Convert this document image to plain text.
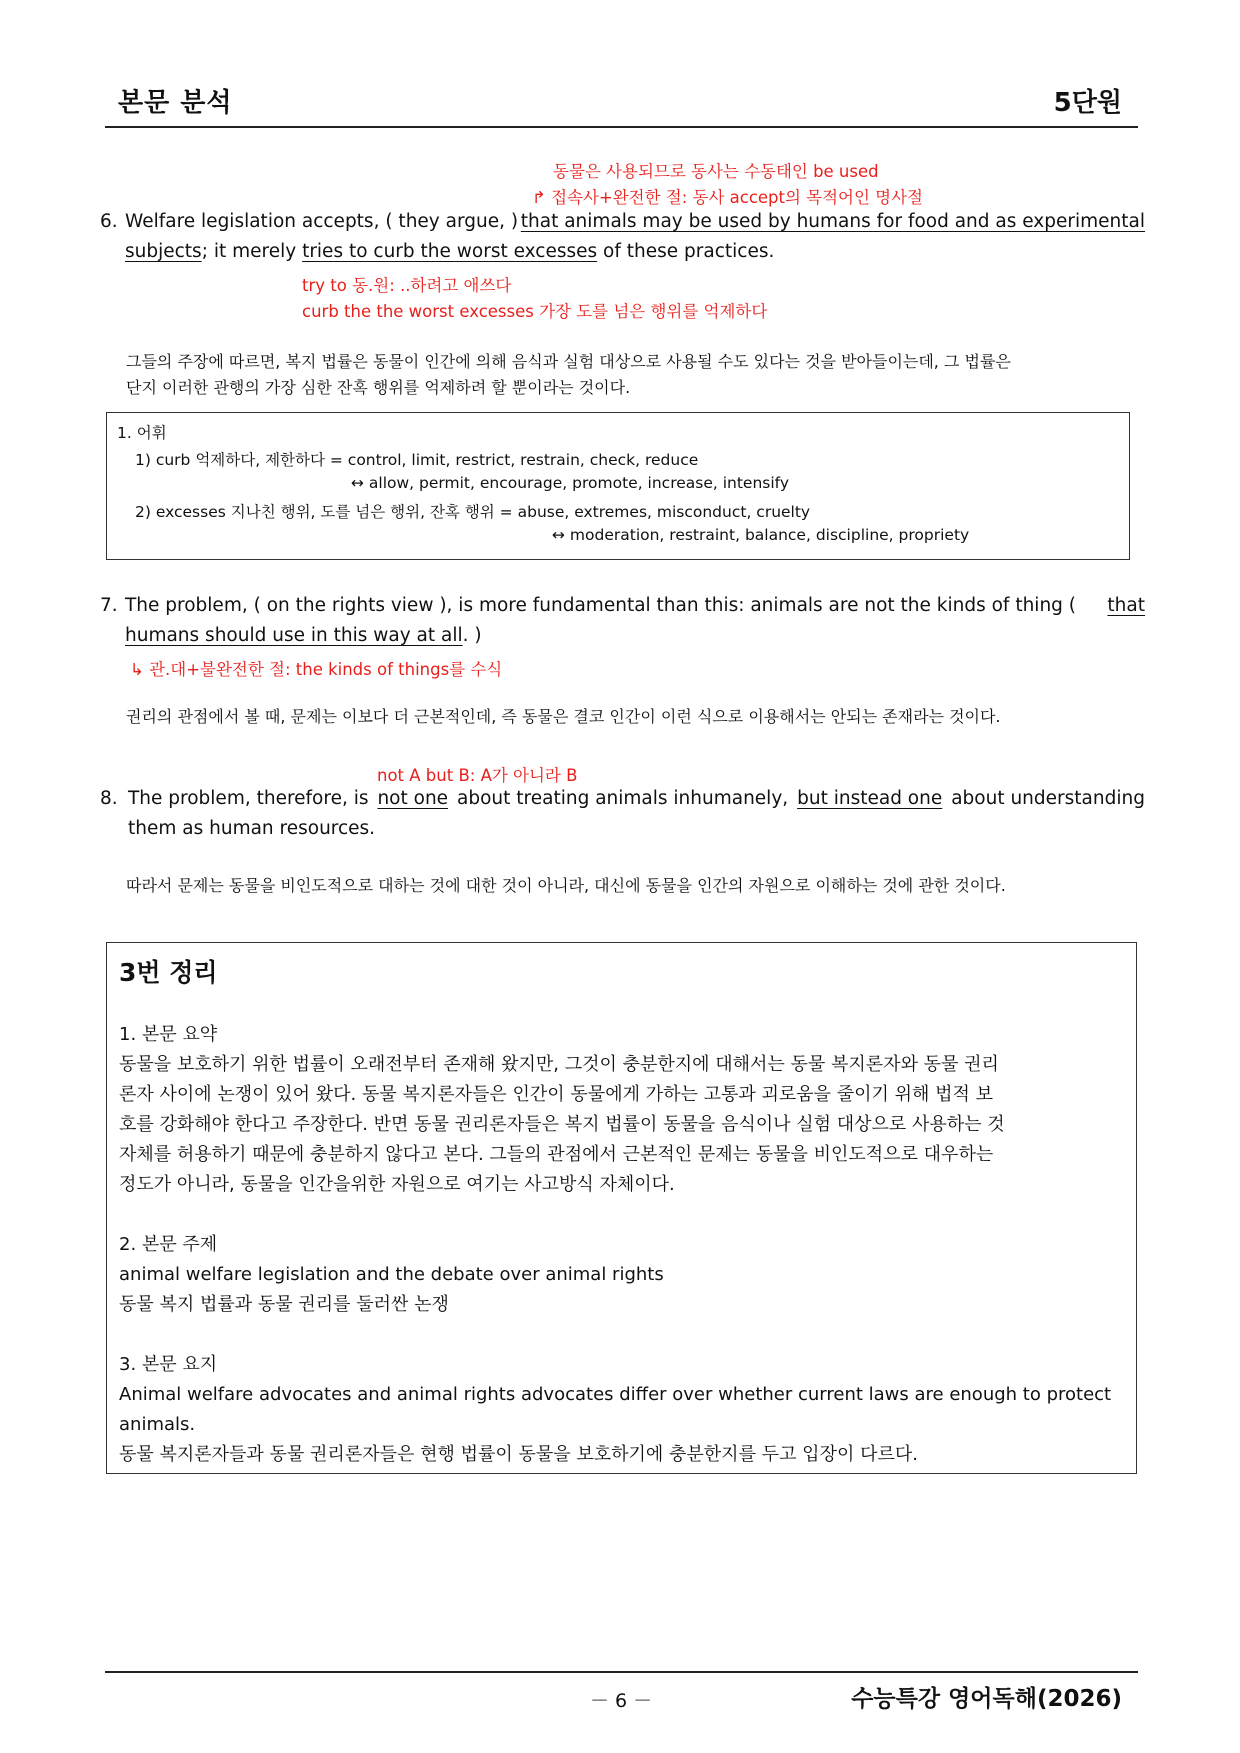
본문 분석	5단원
동물은 사용되므로 동사는 수동태인 be used
↱ 접속사+완전한 절: 동사 accept의 목적어인 명사절
6. Welfare legislation accepts, ( they argue, ) that animals may be used by humans for food and as experimental
subjects; it merely tries to curb the worst excesses of these practices.
try to 동.원: ..하려고 애쓰다
curb the the worst excesses 가장 도를 넘은 행위를 억제하다
그들의 주장에 따르면, 복지 법률은 동물이 인간에 의해 음식과 실험 대상으로 사용될 수도 있다는 것을 받아들이는데, 그 법률은
단지 이러한 관행의 가장 심한 잔혹 행위를 억제하려 할 뿐이라는 것이다.
1. 어휘
1) curb 억제하다, 제한하다 = control, limit, restrict, restrain, check, reduce
↔ allow, permit, encourage, promote, increase, intensify
2) excesses 지나친 행위, 도를 넘은 행위, 잔혹 행위 = abuse, extremes, misconduct, cruelty
↔ moderation, restraint, balance, discipline, propriety
7. The problem, ( on the rights view ), is more fundamental than this: animals are not the kinds of thing ( that
humans should use in this way at all. )
↳ 관.대+불완전한 절: the kinds of things를 수식
권리의 관점에서 볼 때, 문제는 이보다 더 근본적인데, 즉 동물은 결코 인간이 이런 식으로 이용해서는 안되는 존재라는 것이다.
not A but B: A가 아니라 B
8. The problem, therefore, is not one about treating animals inhumanely, but instead one about understanding
them as human resources.
따라서 문제는 동물을 비인도적으로 대하는 것에 대한 것이 아니라, 대신에 동물을 인간의 자원으로 이해하는 것에 관한 것이다.
3번 정리
1. 본문 요약
동물을 보호하기 위한 법률이 오래전부터 존재해 왔지만, 그것이 충분한지에 대해서는 동물 복지론자와 동물 권리
론자 사이에 논쟁이 있어 왔다. 동물 복지론자들은 인간이 동물에게 가하는 고통과 괴로움을 줄이기 위해 법적 보
호를 강화해야 한다고 주장한다. 반면 동물 권리론자들은 복지 법률이 동물을 음식이나 실험 대상으로 사용하는 것
자체를 허용하기 때문에 충분하지 않다고 본다. 그들의 관점에서 근본적인 문제는 동물을 비인도적으로 대우하는
정도가 아니라, 동물을 인간을위한 자원으로 여기는 사고방식 자체이다.
2. 본문 주제
animal welfare legislation and the debate over animal rights
동물 복지 법률과 동물 권리를 둘러싼 논쟁
3. 본문 요지
Animal welfare advocates and animal rights advocates differ over whether current laws are enough to protect
animals.
동물 복지론자들과 동물 권리론자들은 현행 법률이 동물을 보호하기에 충분한지를 두고 입장이 다르다.
－ 6 －	수능특강 영어독해(2026)
